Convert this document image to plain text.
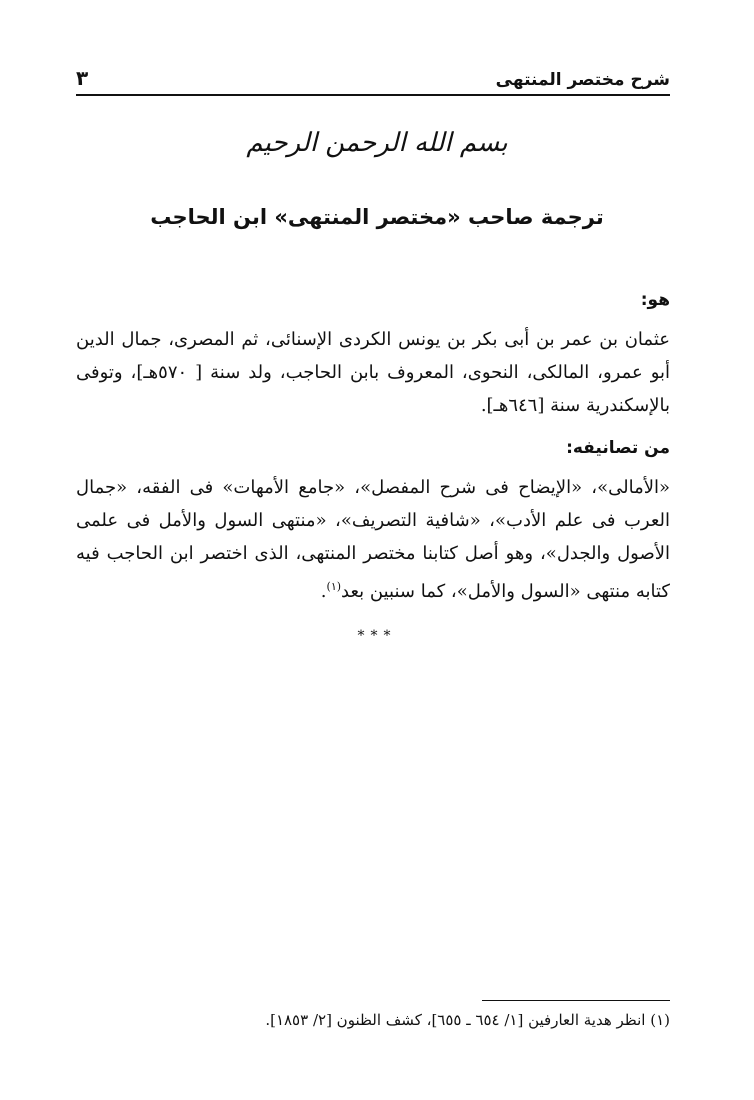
شرح مختصر المنتهى
٣
بسم الله الرحمن الرحيم
ترجمة صاحب «مختصر المنتهى» ابن الحاجب

هو:

عثمان بن عمر بن أبى بكر بن يونس الكردى الإسنائى، ثم المصرى، جمال الدين أبو عمرو، المالكى، النحوى، المعروف بابن الحاجب، ولد سنة [ ٥٧٠هـ]، وتوفى بالإسكندرية سنة [٦٤٦هـ].

من تصانيفه:

«الأمالى»، «الإيضاح فى شرح المفصل»، «جامع الأمهات» فى الفقه، «جمال العرب فى علم الأدب»، «شافية التصريف»، «منتهى السول والأمل فى علمى الأصول والجدل»، وهو أصل كتابنا مختصر المنتهى، الذى اختصر ابن الحاجب فيه كتابه منتهى «السول والأمل»، كما سنبين بعد$^{(١)}$.

***
(١) انظر هدية العارفين [١/ ٦٥٤ ـ ٦٥٥]، كشف الظنون [٢/ ١٨٥٣].
